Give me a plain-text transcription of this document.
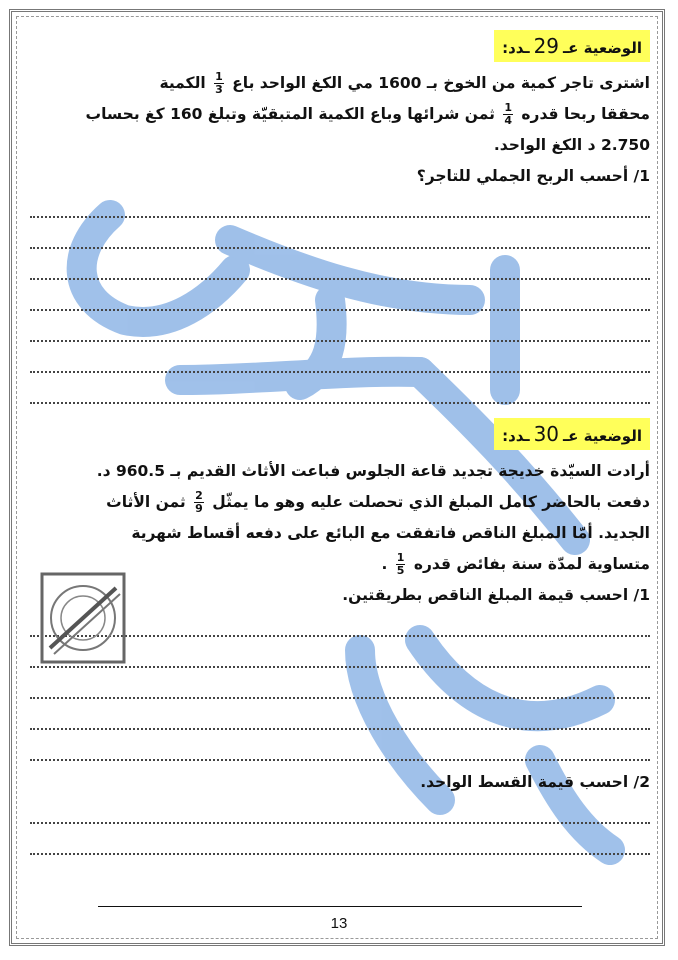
الوضعية عـ29ـدد:

اشترى تاجر كمية من الخوخ بـ 1600 مي الكغ الواحد باع
$\frac{1}{3}$
الكمية

محققا ربحا قدره
$\frac{1}{4}$
ثمن شرائها وباع الكمية المتبقيّة وتبلغ 160 كغ بحساب

2.750 د الكغ الواحد.

1/ أحسب الربح الجملي للتاجر؟
الوضعية عـ30ـدد:

أرادت السيّدة خديجة تجديد قاعة الجلوس فباعت الأثاث القديم بـ 960.5 د.

دفعت بالحاضر كامل المبلغ الذي تحصلت عليه وهو ما يمثّل
$\frac{2}{9}$
ثمن الأثاث

الجديد. أمّا المبلغ الناقص فاتفقت مع البائع على دفعه أقساط شهرية

متساوية لمدّة سنة بفائض قدره
$\frac{1}{5}$
.

1/ احسب قيمة المبلغ الناقص بطريقتين.
2/ احسب قيمة القسط الواحد.
13
